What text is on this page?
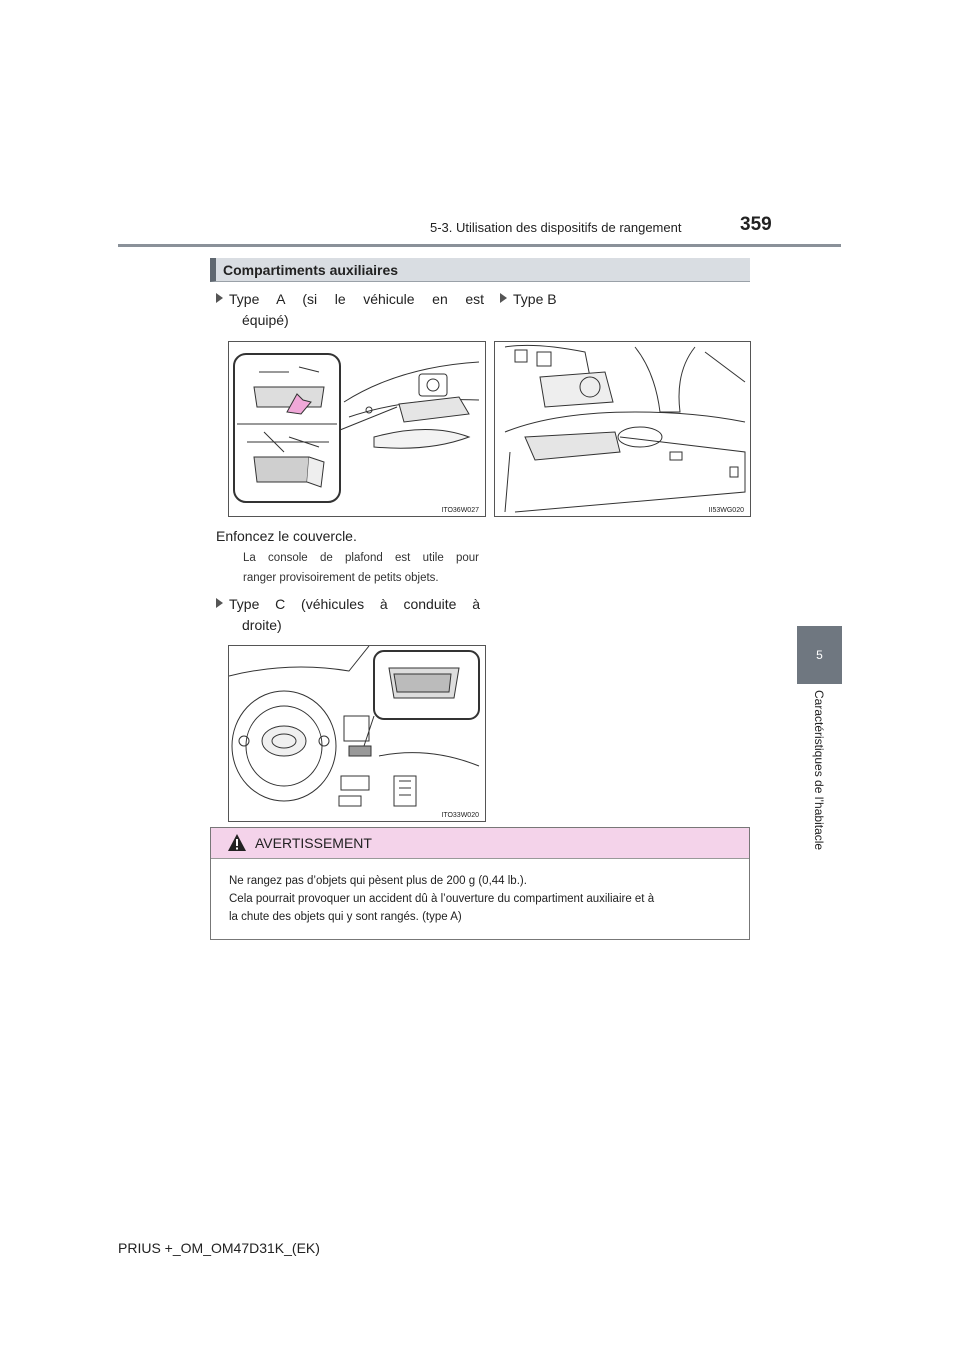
5-3. Utilisation des dispositifs de rangement	359
5
Caractéristiques de l’habitacle
Compartiments auxiliaires
Type A (si le véhicule en est
équipé)
Type B
ITO36W027	II53WG020
Enfoncez le couvercle.
La console de plafond est utile pour
ranger provisoirement de petits objets.
Type C (véhicules à conduite à
droite)
ITO33W020
AVERTISSEMENT
Ne rangez pas d’objets qui pèsent plus de 200 g (0,44 lb.).
Cela pourrait provoquer un accident dû à l’ouverture du compartiment auxiliaire et à
la chute des objets qui y sont rangés. (type A)
PRIUS +_OM_OM47D31K_(EK)
